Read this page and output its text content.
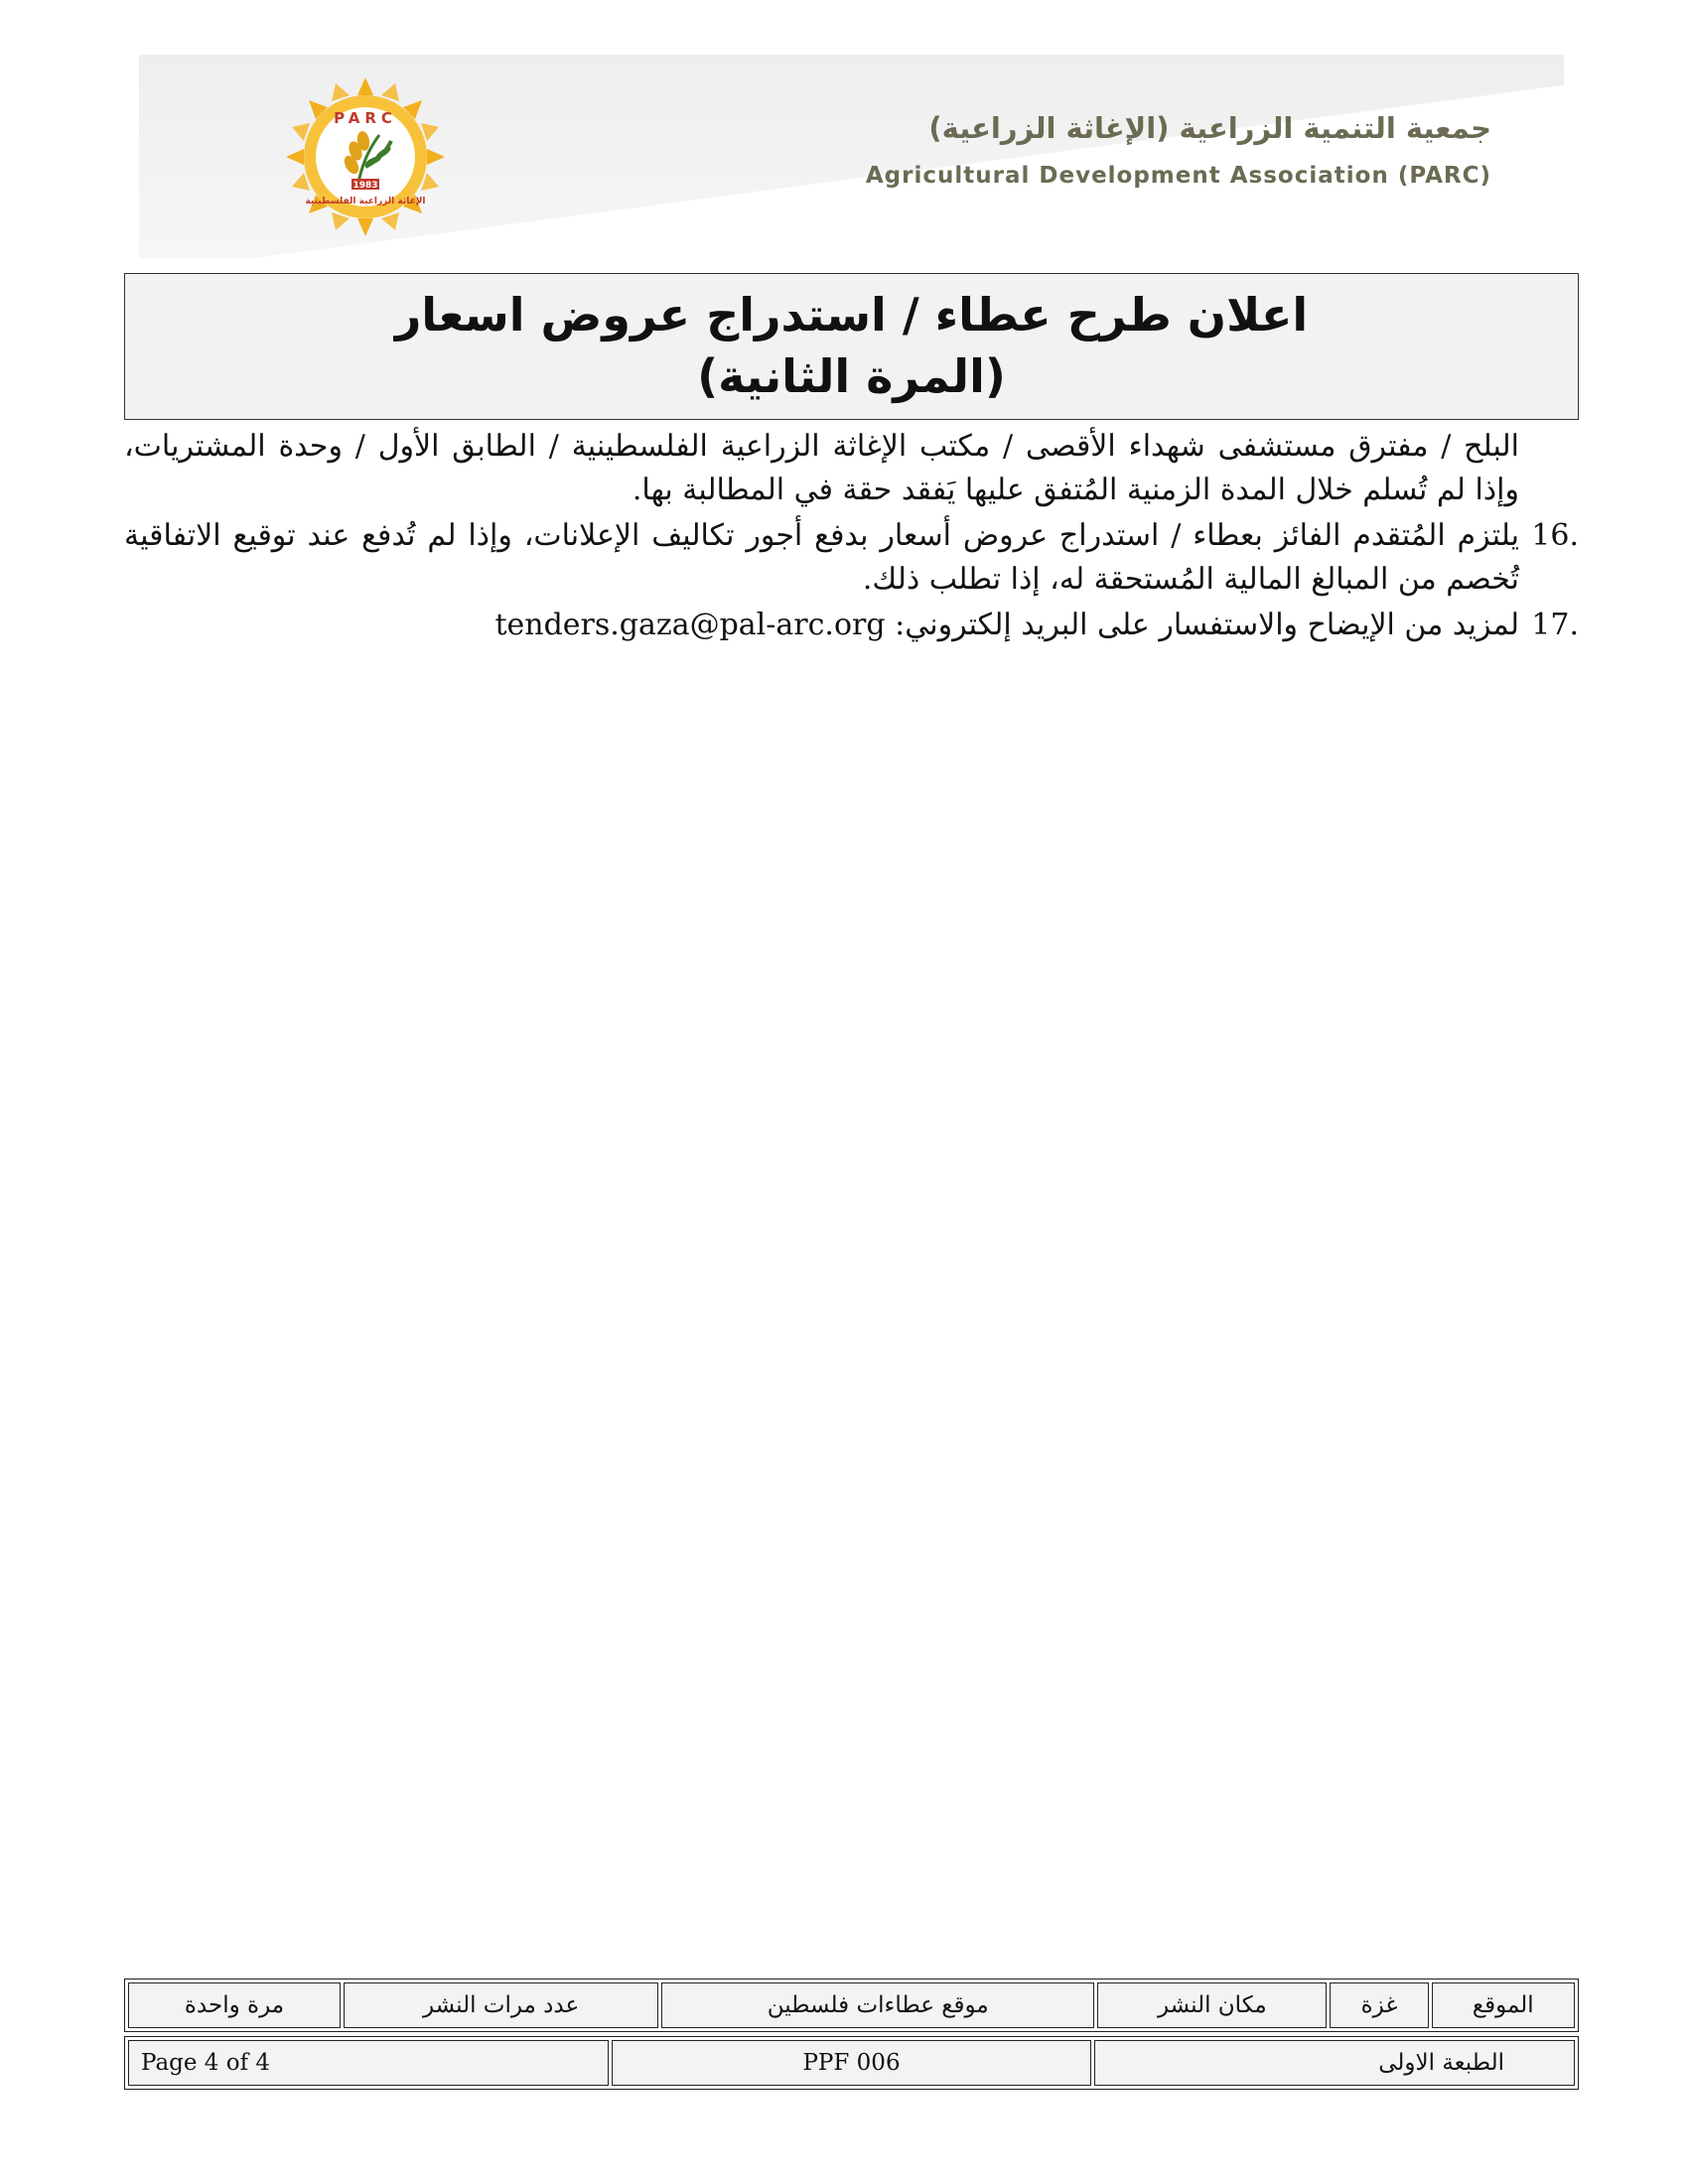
PARC
1983
الإغاثة الزراعية الفلسطينية
جمعية التنمية الزراعية (الإغاثة الزراعية)
Agricultural Development Association (PARC)
اعلان طرح عطاء / استدراج عروض اسعار
(المرة الثانية)

البلح / مفترق مستشفى شهداء الأقصى / مكتب الإغاثة الزراعية الفلسطينية / الطابق الأول / وحدة المشتريات، وإذا لم تُسلم خلال المدة الزمنية المُتفق عليها يَفقد حقة في المطالبة بها.

16.
يلتزم المُتقدم الفائز بعطاء / استدراج عروض أسعار بدفع أجور تكاليف الإعلانات، وإذا لم تُدفع عند توقيع الاتفاقية تُخصم من المبالغ المالية المُستحقة له، إذا تطلب ذلك.
17.
لمزيد من الإيضاح والاستفسار على البريد إلكتروني: tenders.gaza@pal-arc.org
الموقع	غزة	مكان النشر	موقع عطاءات فلسطين	عدد مرات النشر	مرة واحدة
الطبعة الاولى	PPF 006	Page 4 of 4
